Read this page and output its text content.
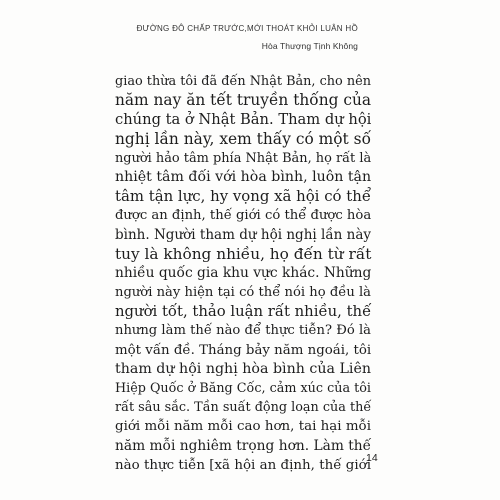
ĐƯỜNG ĐÔ CHẤP TRƯỚC,MỚI THOÁT KHỎI LUÂN HỒ
Hòa Thượng Tịnh Không
giao thừa tôi đã đến Nhật Bản, cho nên
năm nay ăn tết truyền thống của
chúng ta ở Nhật Bản. Tham dự hội
nghị lần này, xem thấy có một số
người hảo tâm phía Nhật Bản, họ rất là
nhiệt tâm đối với hòa bình, luôn tận
tâm tận lực, hy vọng xã hội có thể
được an định, thế giới có thể được hòa
bình. Người tham dự hội nghị lần này
tuy là không nhiều, họ đến từ rất
nhiều quốc gia khu vực khác. Những
người này hiện tại có thể nói họ đều là
người tốt, thảo luận rất nhiều, thế
nhưng làm thế nào để thực tiễn? Đó là
một vấn đề. Tháng bảy năm ngoái, tôi
tham dự hội nghị hòa bình của Liên
Hiệp Quốc ở Băng Cốc, cảm xúc của tôi
rất sâu sắc. Tần suất động loạn của thế
giới mỗi năm mỗi cao hơn, tai hại mỗi
năm mỗi nghiêm trọng hơn. Làm thế
nào thực tiễn [xã hội an định, thế giới
14
